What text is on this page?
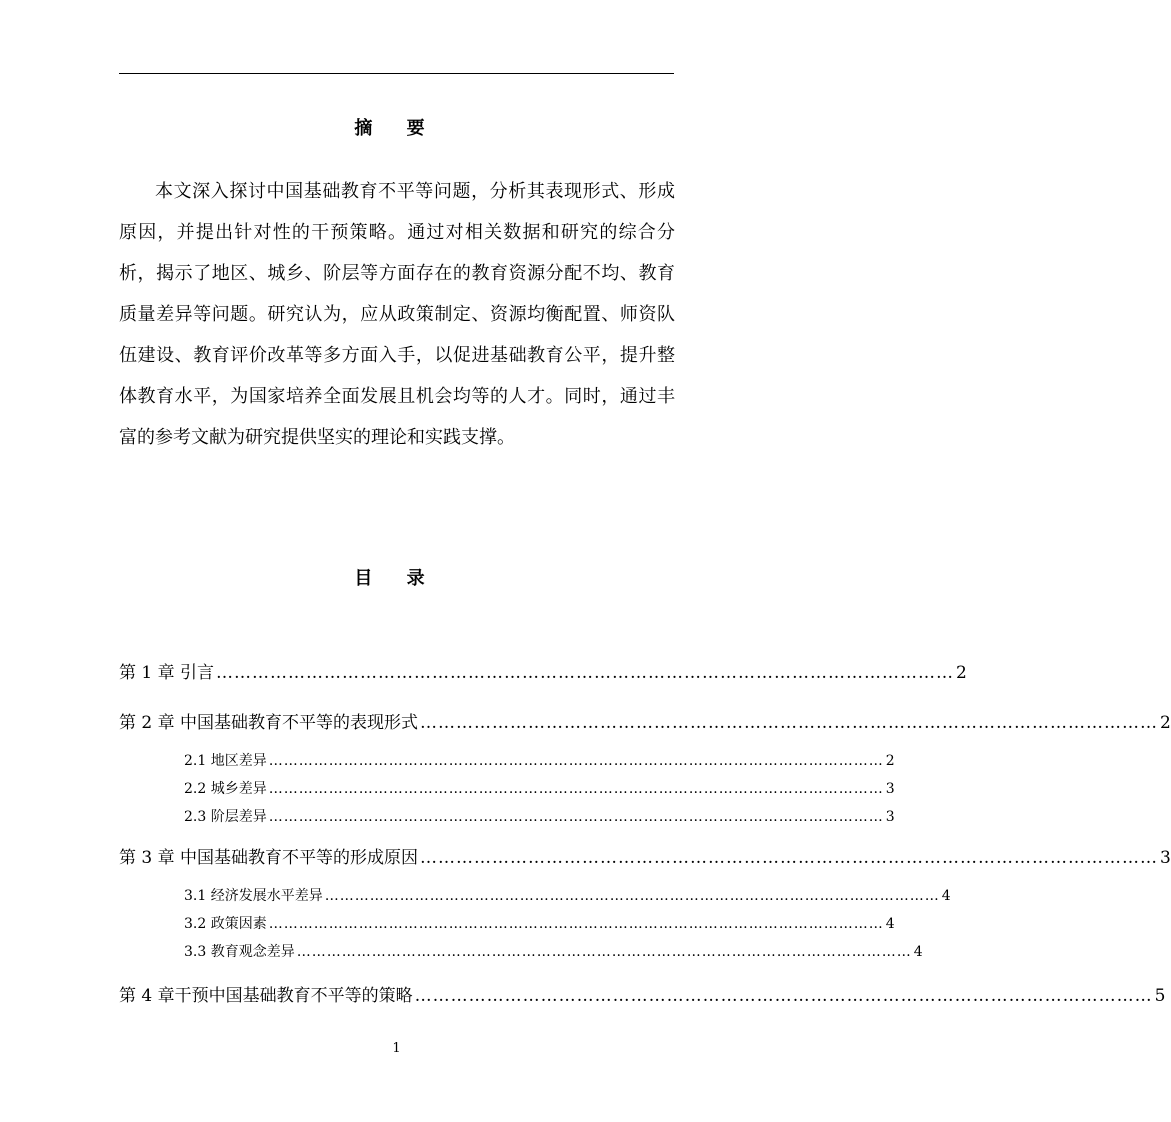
摘 要

本文深入探讨中国基础教育不平等问题，分析其表现形式、形成原因，并提出针对性的干预策略。通过对相关数据和研究的综合分析，揭示了地区、城乡、阶层等方面存在的教育资源分配不均、教育质量差异等问题。研究认为，应从政策制定、资源均衡配置、师资队伍建设、教育评价改革等多方面入手，以促进基础教育公平，提升整体教育水平，为国家培养全面发展且机会均等的人才。同时，通过丰富的参考文献为研究提供坚实的理论和实践支撑。

目 录
第 1 章 引言 …………………………………………………………………………………………………………… 2
第 2 章 中国基础教育不平等的表现形式 …………………………………………………………………………………………………………… 2
2.1 地区差异 …………………………………………………………………………………………………………… 2
2.2 城乡差异 …………………………………………………………………………………………………………… 3
2.3 阶层差异 …………………………………………………………………………………………………………… 3
第 3 章 中国基础教育不平等的形成原因 …………………………………………………………………………………………………………… 3
3.1 经济发展水平差异 …………………………………………………………………………………………………………… 4
3.2 政策因素 …………………………………………………………………………………………………………… 4
3.3 教育观念差异 …………………………………………………………………………………………………………… 4
第 4 章干预中国基础教育不平等的策略 …………………………………………………………………………………………………………… 5
1
